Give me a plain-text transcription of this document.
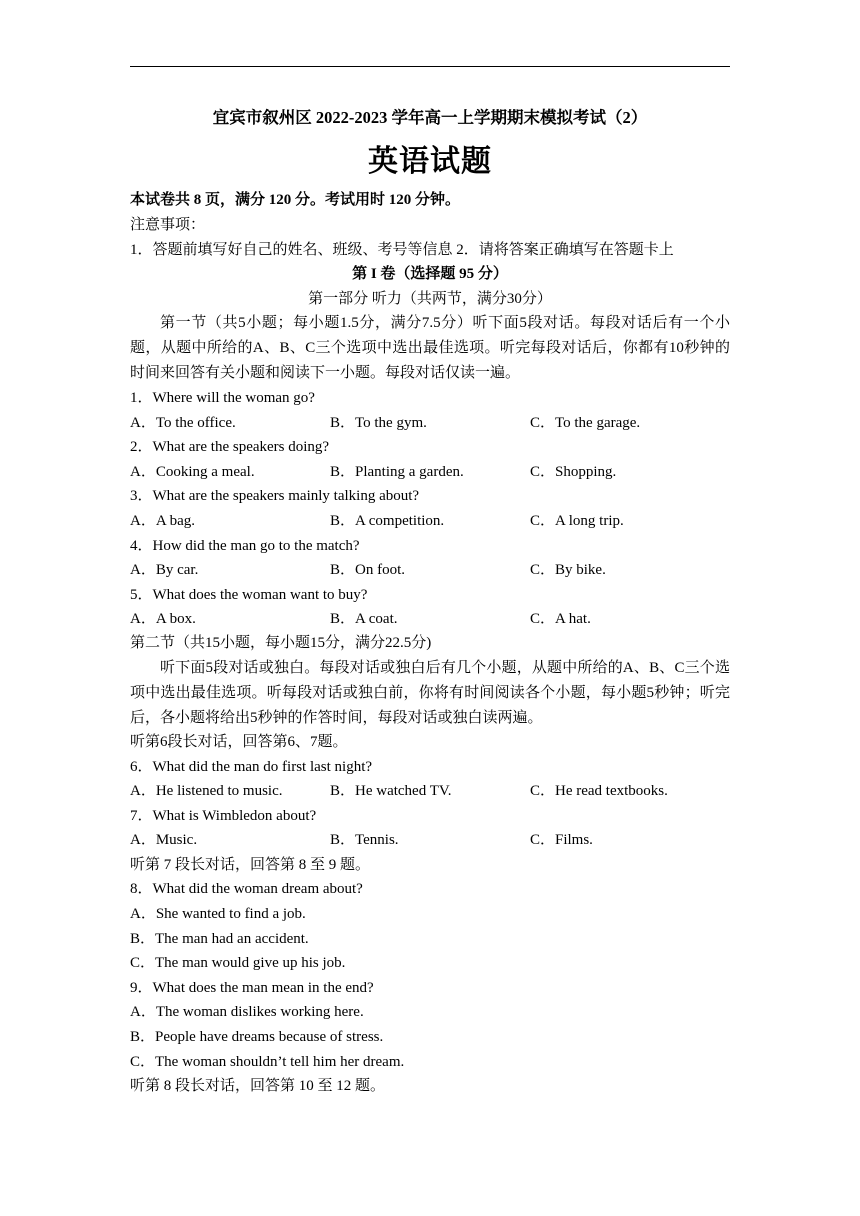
宜宾市叙州区 2022-2023 学年高一上学期期末模拟考试（2）
英语试题
本试卷共 8 页，满分 120 分。考试用时 120 分钟。
注意事项：
1．答题前填写好自己的姓名、班级、考号等信息 2．请将答案正确填写在答题卡上
第 I 卷（选择题 95 分）
第一部分 听力（共两节，满分30分）
第一节（共5小题；每小题1.5分，满分7.5分）听下面5段对话。每段对话后有一个小题，从题中所给的A、B、C三个选项中选出最佳选项。听完每段对话后，你都有10秒钟的时间来回答有关小题和阅读下一小题。每段对话仅读一遍。
1．Where will the woman go?
A．To the office.	B．To the gym.	C．To the garage.
2．What are the speakers doing?
A．Cooking a meal.	B．Planting a garden.	C．Shopping.
3．What are the speakers mainly talking about?
A．A bag.	B．A competition.	C．A long trip.
4．How did the man go to the match?
A．By car.	B．On foot.	C．By bike.
5．What does the woman want to buy?
A．A box.	B．A coat.	C．A hat.
第二节（共15小题，每小题15分，满分22.5分)
听下面5段对话或独白。每段对话或独白后有几个小题，从题中所给的A、B、C三个选项中选出最佳选项。听每段对话或独白前，你将有时间阅读各个小题，每小题5秒钟；听完后，各小题将给出5秒钟的作答时间，每段对话或独白读两遍。
听第6段长对话，回答第6、7题。
6．What did the man do first last night?
A．He listened to music.	B．He watched TV.	C．He read textbooks.
7．What is Wimbledon about?
A．Music.	B．Tennis.	C．Films.
听第 7 段长对话，回答第 8 至 9 题。
8．What did the woman dream about?
A．She wanted to find a job.
B．The man had an accident.
C．The man would give up his job.
9．What does the man mean in the end?
A．The woman dislikes working here.
B．People have dreams because of stress.
C．The woman shouldn’t tell him her dream.
听第 8 段长对话，回答第 10 至 12 题。
